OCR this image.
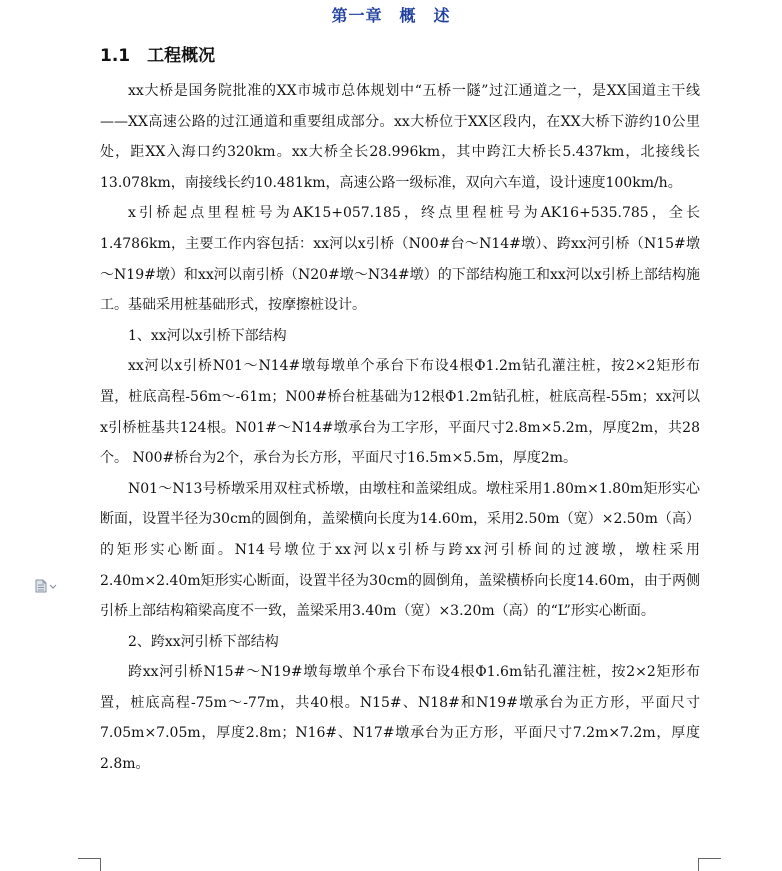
第一章　概　述
1.1　工程概况

xx大桥是国务院批准的XX市城市总体规划中“五桥一隧”过江通道之一，是XX国道主干线——XX高速公路的过江通道和重要组成部分。xx大桥位于XX区段内，在XX大桥下游约10公里处，距XX入海口约320km。xx大桥全长28.996km，其中跨江大桥长5.437km，北接线长13.078km，南接线长约10.481km，高速公路一级标准，双向六车道，设计速度100km/h。

x引桥起点里程桩号为AK15+057.185，终点里程桩号为AK16+535.785，全长1.4786km，主要工作内容包括：xx河以x引桥（N00#台～N14#墩）、跨xx河引桥（N15#墩～N19#墩）和xx河以南引桥（N20#墩～N34#墩）的下部结构施工和xx河以x引桥上部结构施工。基础采用桩基础形式，按摩擦桩设计。

1、xx河以x引桥下部结构

xx河以x引桥N01～N14#墩每墩单个承台下布设4根Φ1.2m钻孔灌注桩，按2×2矩形布置，桩底高程-56m～-61m；N00#桥台桩基础为12根Φ1.2m钻孔桩，桩底高程-55m；xx河以x引桥桩基共124根。N01#～N14#墩承台为工字形，平面尺寸2.8m×5.2m，厚度2m，共28个。 N00#桥台为2个，承台为长方形，平面尺寸16.5m×5.5m，厚度2m。

N01～N13号桥墩采用双柱式桥墩，由墩柱和盖梁组成。墩柱采用1.80m×1.80m矩形实心断面，设置半径为30cm的圆倒角，盖梁横向长度为14.60m，采用2.50m（宽）×2.50m（高）的矩形实心断面。N14号墩位于xx河以x引桥与跨xx河引桥间的过渡墩，墩柱采用2.40m×2.40m矩形实心断面，设置半径为30cm的圆倒角，盖梁横桥向长度14.60m，由于两侧引桥上部结构箱梁高度不一致，盖梁采用3.40m（宽）×3.20m（高）的“L”形实心断面。

2、跨xx河引桥下部结构

跨xx河引桥N15#～N19#墩每墩单个承台下布设4根Φ1.6m钻孔灌注桩，按2×2矩形布置，桩底高程-75m～-77m，共40根。N15#、N18#和N19#墩承台为正方形，平面尺寸7.05m×7.05m，厚度2.8m；N16#、N17#墩承台为正方形，平面尺寸7.2m×7.2m，厚度2.8m。
